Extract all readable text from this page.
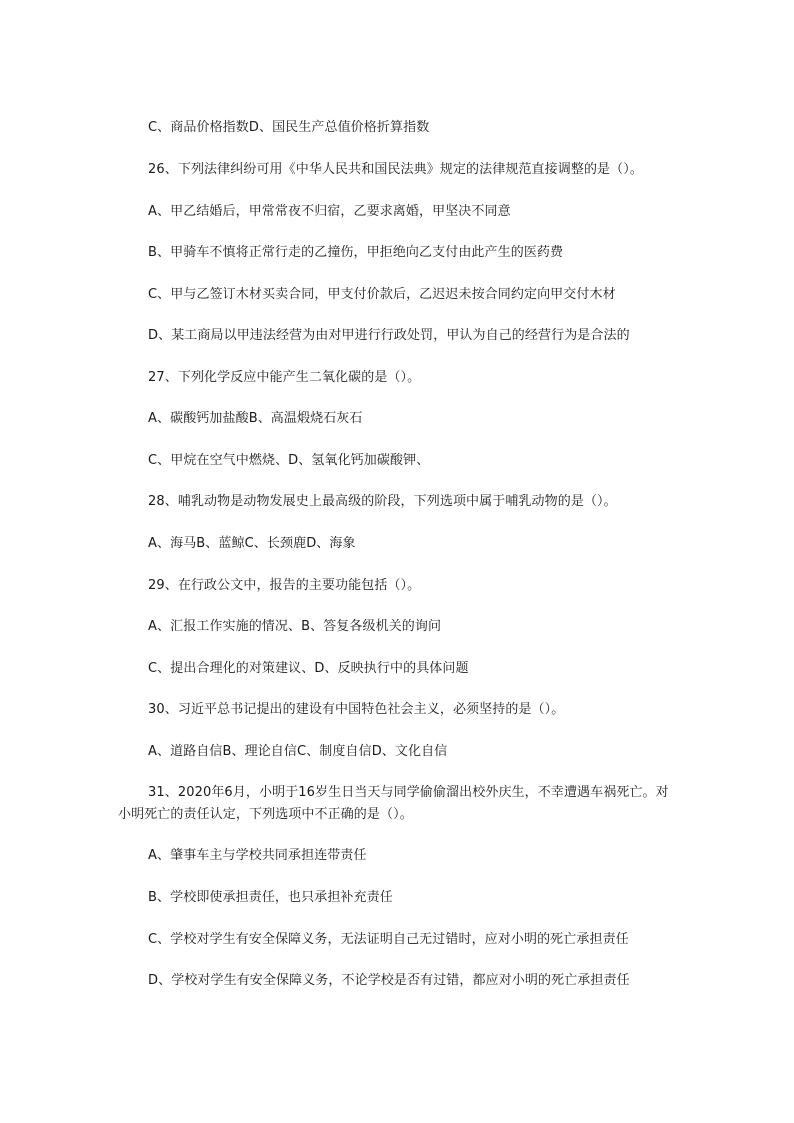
C、商品价格指数D、国民生产总值价格折算指数
26、下列法律纠纷可用《中华人民共和国民法典》规定的法律规范直接调整的是（）。
A、甲乙结婚后，甲常常夜不归宿，乙要求离婚，甲坚决不同意
B、甲骑车不慎将正常行走的乙撞伤，甲拒绝向乙支付由此产生的医药费
C、甲与乙签订木材买卖合同，甲支付价款后，乙迟迟未按合同约定向甲交付木材
D、某工商局以甲违法经营为由对甲进行行政处罚，甲认为自己的经营行为是合法的
27、下列化学反应中能产生二氧化碳的是（）。
A、碳酸钙加盐酸B、高温煅烧石灰石
C、甲烷在空气中燃烧、D、氢氧化钙加碳酸钾、
28、哺乳动物是动物发展史上最高级的阶段，下列选项中属于哺乳动物的是（）。
A、海马B、蓝鲸C、长颈鹿D、海象
29、在行政公文中，报告的主要功能包括（）。
A、汇报工作实施的情况、B、答复各级机关的询问
C、提出合理化的对策建议、D、反映执行中的具体问题
30、习近平总书记提出的建设有中国特色社会主义，必须坚持的是（）。
A、道路自信B、理论自信C、制度自信D、文化自信
31、2020年6月，小明于16岁生日当天与同学偷偷溜出校外庆生，不幸遭遇车祸死亡。对小明死亡的责任认定，下列选项中不正确的是（）。
A、肇事车主与学校共同承担连带责任
B、学校即使承担责任，也只承担补充责任
C、学校对学生有安全保障义务，无法证明自己无过错时，应对小明的死亡承担责任
D、学校对学生有安全保障义务，不论学校是否有过错，都应对小明的死亡承担责任
